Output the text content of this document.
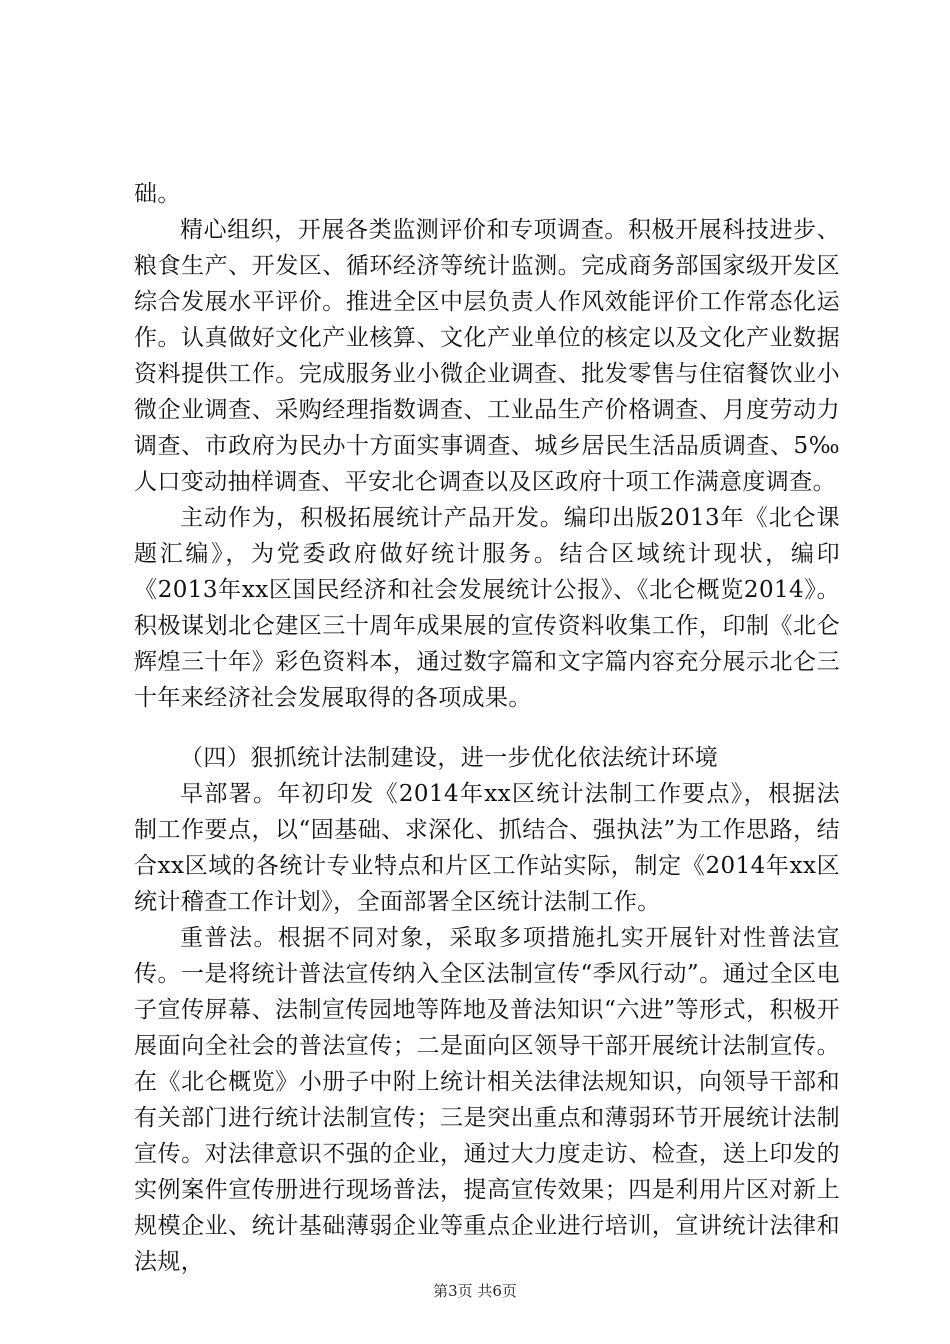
础。

精心组织，开展各类监测评价和专项调查。积极开展科技进步、粮食生产、开发区、循环经济等统计监测。完成商务部国家级开发区综合发展水平评价。推进全区中层负责人作风效能评价工作常态化运作。认真做好文化产业核算、文化产业单位的核定以及文化产业数据资料提供工作。完成服务业小微企业调查、批发零售与住宿餐饮业小微企业调查、采购经理指数调查、工业品生产价格调查、月度劳动力调查、市政府为民办十方面实事调查、城乡居民生活品质调查、5‰人口变动抽样调查、平安北仑调查以及区政府十项工作满意度调查。

主动作为，积极拓展统计产品开发。编印出版2013年《北仑课题汇编》，为党委政府做好统计服务。结合区域统计现状，编印《2013年xx区国民经济和社会发展统计公报》、《北仑概览2014》。积极谋划北仑建区三十周年成果展的宣传资料收集工作，印制《北仑辉煌三十年》彩色资料本，通过数字篇和文字篇内容充分展示北仑三十年来经济社会发展取得的各项成果。

（四）狠抓统计法制建设，进一步优化依法统计环境

早部署。年初印发《2014年xx区统计法制工作要点》，根据法制工作要点，以“固基础、求深化、抓结合、强执法”为工作思路，结合xx区域的各统计专业特点和片区工作站实际，制定《2014年xx区统计稽查工作计划》，全面部署全区统计法制工作。

重普法。根据不同对象，采取多项措施扎实开展针对性普法宣传。一是将统计普法宣传纳入全区法制宣传“季风行动”。通过全区电子宣传屏幕、法制宣传园地等阵地及普法知识“六进”等形式，积极开展面向全社会的普法宣传；二是面向区领导干部开展统计法制宣传。在《北仑概览》小册子中附上统计相关法律法规知识，向领导干部和有关部门进行统计法制宣传；三是突出重点和薄弱环节开展统计法制宣传。对法律意识不强的企业，通过大力度走访、检查，送上印发的实例案件宣传册进行现场普法，提高宣传效果；四是利用片区对新上规模企业、统计基础薄弱企业等重点企业进行培训，宣讲统计法律和法规，

第3页 共6页
